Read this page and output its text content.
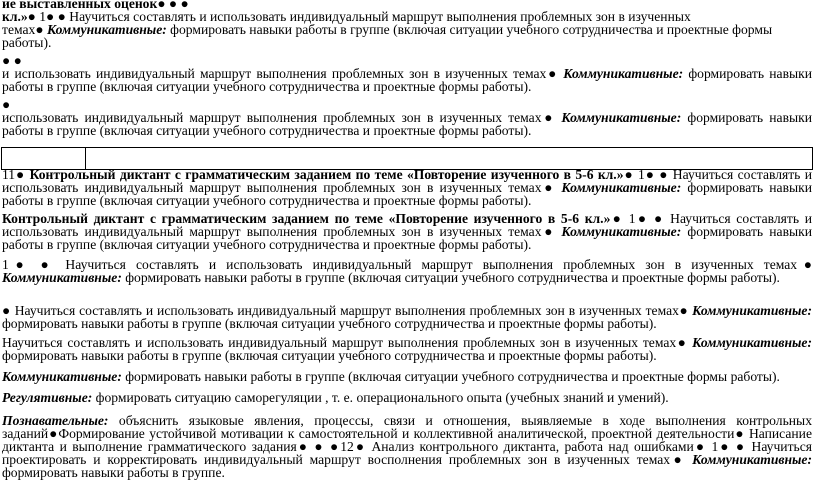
ие выставленных оценок● ● ●
кл.»● 1● ● Научиться составлять и использовать индивидуальный маршрут выполнения проблемных зон в изученных
темах● Коммуникативные: формировать навыки работы в группе (включая ситуации учебного сотрудничества и проектные формы
работы).
● ●
и использовать индивидуальный маршрут выполнения проблемных зон в изученных темах● Коммуникативные: формировать навыки работы в группе (включая ситуации учебного сотрудничества и проектные формы работы).
●
использовать индивидуальный маршрут выполнения проблемных зон в изученных темах● Коммуникативные: формировать навыки работы в группе (включая ситуации учебного сотрудничества и проектные формы работы).
11● Контрольный диктант с грамматическим заданием по теме «Повторение изученного в 5-6 кл.»● 1● ● Научиться составлять и использовать индивидуальный маршрут выполнения проблемных зон в изученных темах● Коммуникативные: формировать навыки работы в группе (включая ситуации учебного сотрудничества и проектные формы работы).
Контрольный диктант с грамматическим заданием по теме «Повторение изученного в 5-6 кл.»● 1● ● Научиться составлять и использовать индивидуальный маршрут выполнения проблемных зон в изученных темах● Коммуникативные: формировать навыки работы в группе (включая ситуации учебного сотрудничества и проектные формы работы).
1● ● Научиться составлять и использовать индивидуальный маршрут выполнения проблемных зон в изученных темах● Коммуникативные: формировать навыки работы в группе (включая ситуации учебного сотрудничества и проектные формы работы).
● Научиться составлять и использовать индивидуальный маршрут выполнения проблемных зон в изученных темах● Коммуникативные: формировать навыки работы в группе (включая ситуации учебного сотрудничества и проектные формы работы).
Научиться составлять и использовать индивидуальный маршрут выполнения проблемных зон в изученных темах● Коммуникативные: формировать навыки работы в группе (включая ситуации учебного сотрудничества и проектные формы работы).
Коммуникативные: формировать навыки работы в группе (включая ситуации учебного сотрудничества и проектные формы работы).
Регулятивные: формировать ситуацию саморегуляции , т. е. операционального опыта (учебных знаний и умений).
Познавательные: объяснить языковые явления, процессы, связи и отношения, выявляемые в ходе выполнения контрольных заданий●Формирование устойчивой мотивации к самостоятельной и коллективной аналитической, проектной деятельности● Написание диктанта и выполнение грамматического задания● ● ●12● Анализ контрольного диктанта, работа над ошибками● 1● ● Научиться проектировать и корректировать индивидуальный маршрут восполнения проблемных зон в изученных темах● Коммуникативные: формировать навыки работы в группе.
